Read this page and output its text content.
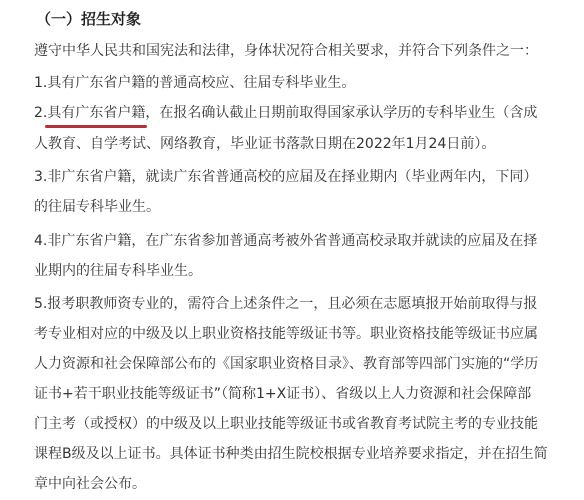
（一）招生对象
遵守中华人民共和国宪法和法律，身体状况符合相关要求，并符合下列条件之一：
1.具有广东省户籍的普通高校应、往届专科毕业生。
2.具有广东省户籍，在报名确认截止日期前取得国家承认学历的专科毕业生（含成
人教育、自学考试、网络教育，毕业证书落款日期在2022年1月24日前）。
3.非广东省户籍，就读广东省普通高校的应届及在择业期内（毕业两年内，下同）
的往届专科毕业生。
4.非广东省户籍，在广东省参加普通高考被外省普通高校录取并就读的应届及在择
业期内的往届专科毕业生。
5.报考职教师资专业的，需符合上述条件之一，且必须在志愿填报开始前取得与报
考专业相对应的中级及以上职业资格技能等级证书等。职业资格技能等级证书应属
人力资源和社会保障部公布的《国家职业资格目录》、教育部等四部门实施的“学历
证书+若干职业技能等级证书”（简称1+X证书）、省级以上人力资源和社会保障部
门主考（或授权）的中级及以上职业技能等级证书或省教育考试院主考的专业技能
课程B级及以上证书。具体证书种类由招生院校根据专业培养要求指定，并在招生简
章中向社会公布。
